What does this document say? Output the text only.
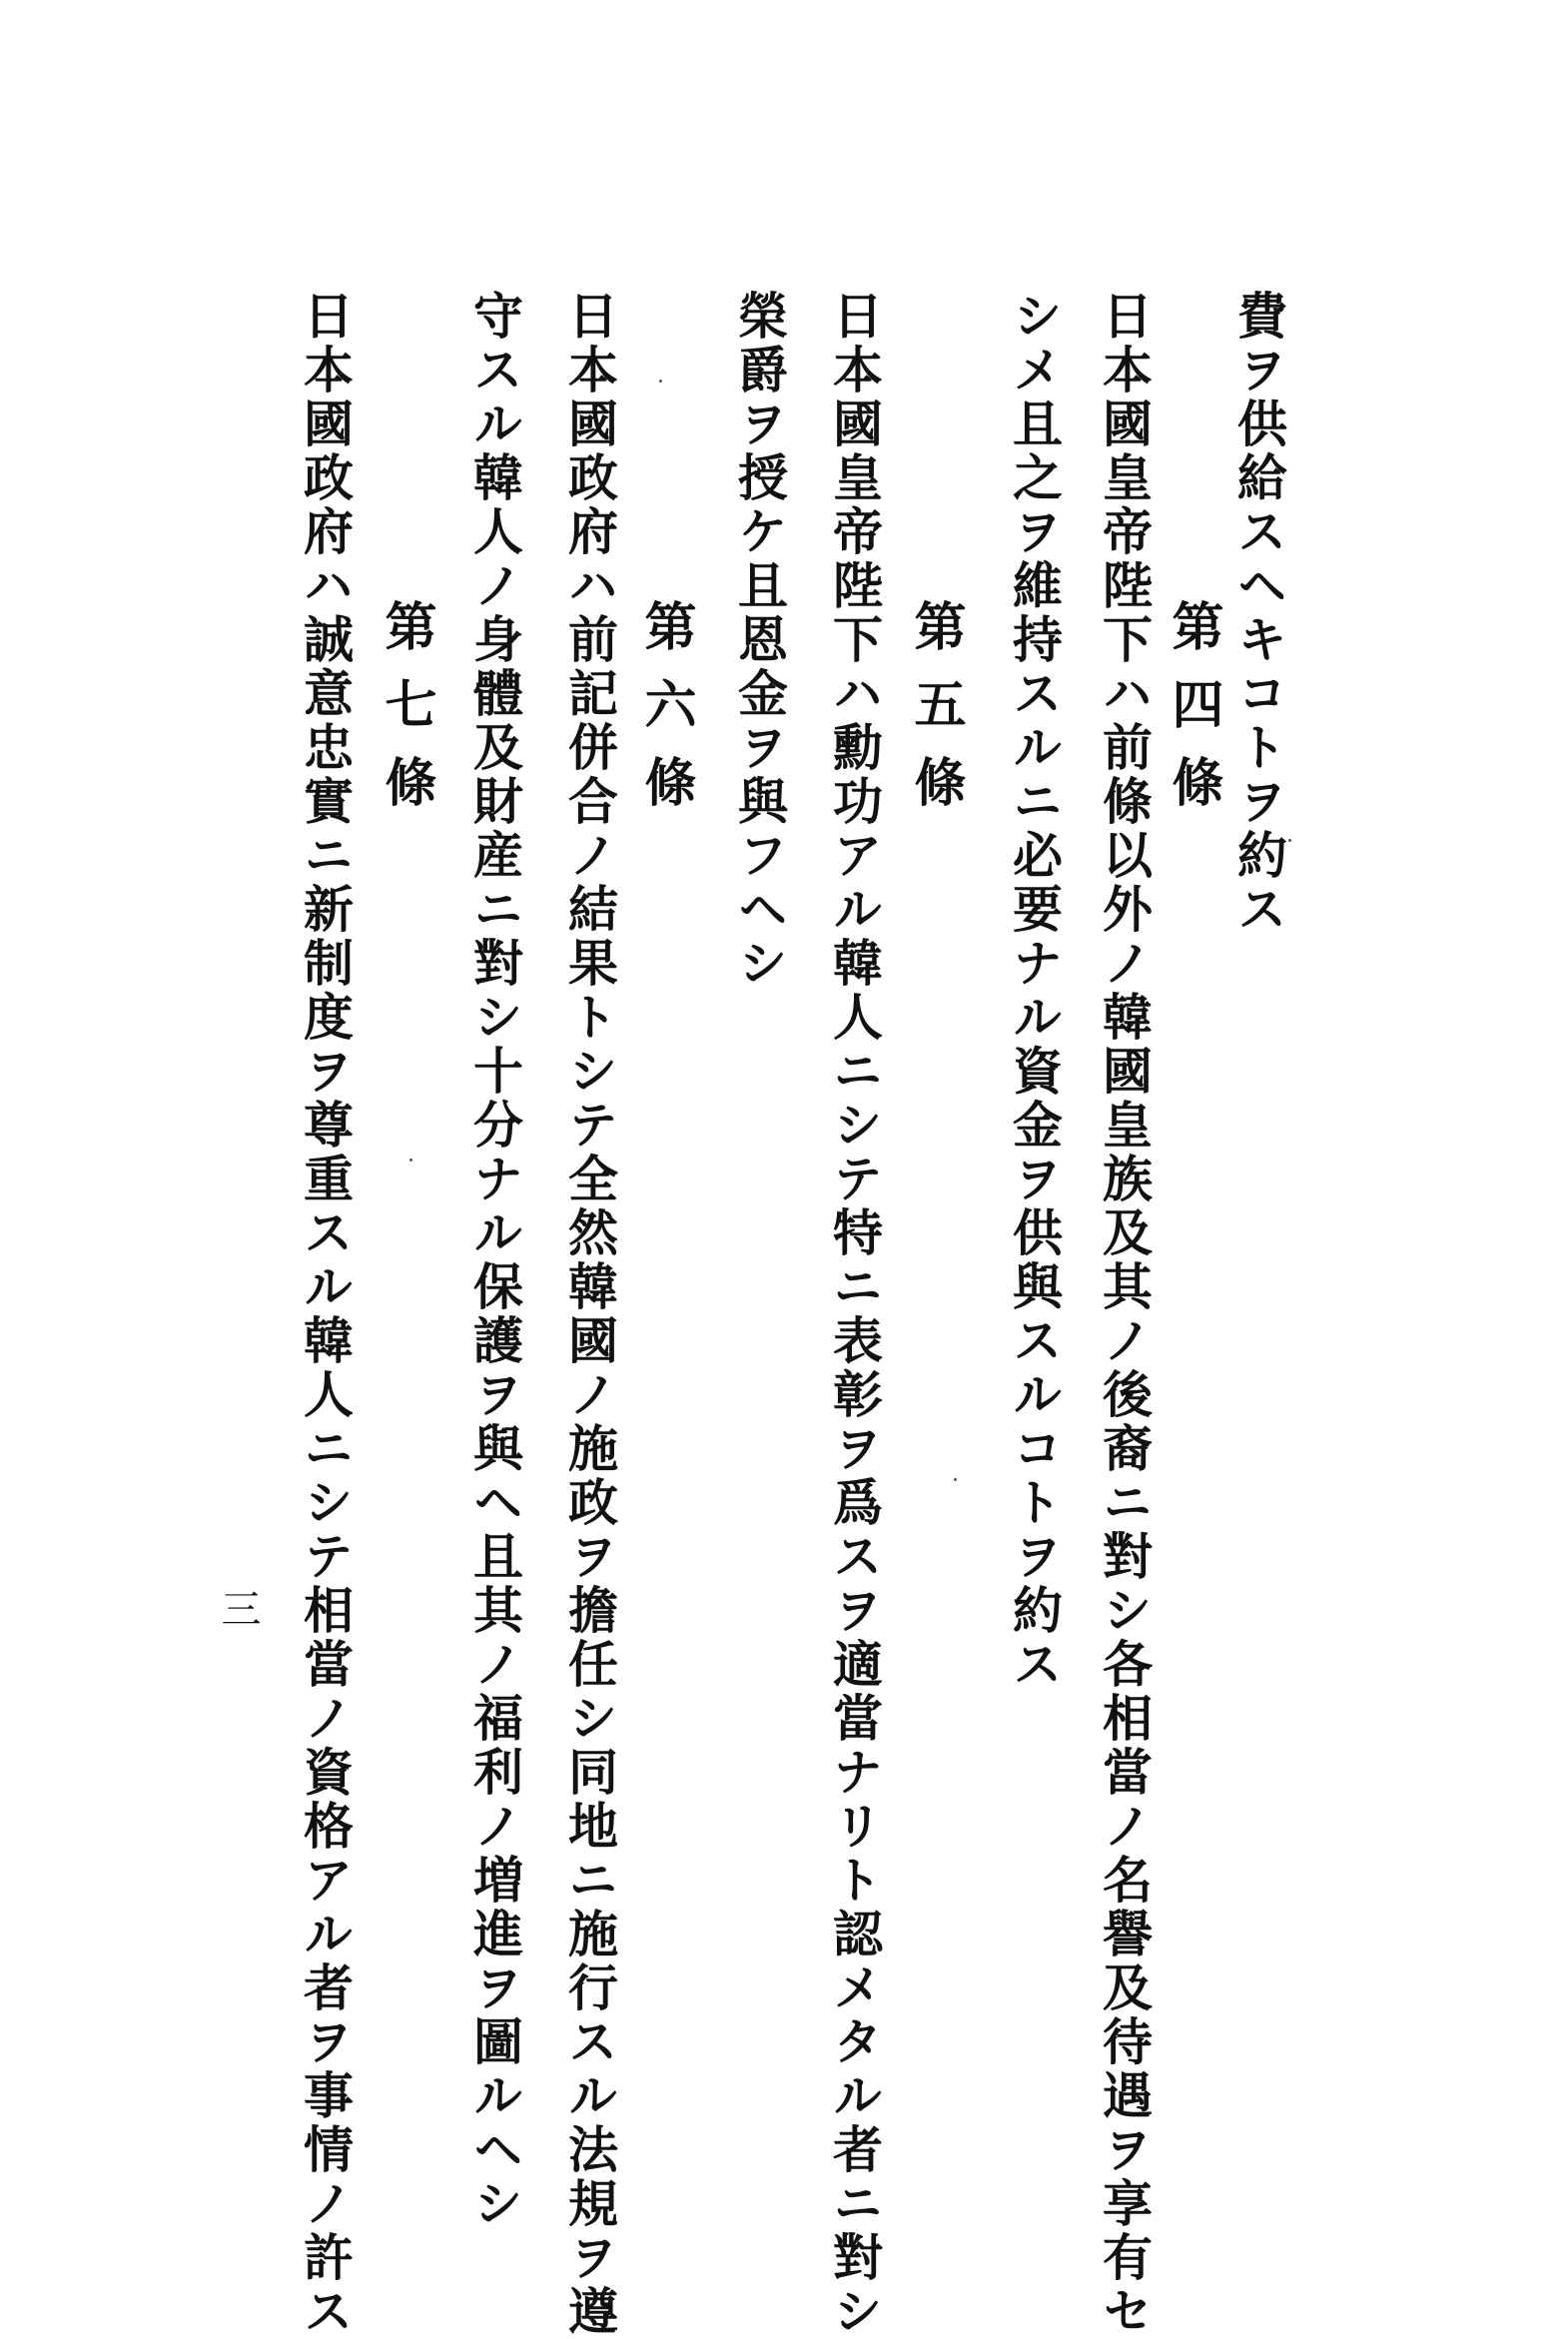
費ヲ供給スヘキコトヲ約ス
第四條
日本國皇帝陛下ハ前條以外ノ韓國皇族及其ノ後裔ニ對シ各相當ノ名譽及待遇ヲ享有セ
シメ且之ヲ維持スルニ必要ナル資金ヲ供與スルコトヲ約ス
第五條
日本國皇帝陛下ハ勳功アル韓人ニシテ特ニ表彰ヲ爲スヲ適當ナリト認メタル者ニ對シ
榮爵ヲ授ケ且恩金ヲ與フヘシ
第六條
日本國政府ハ前記併合ノ結果トシテ全然韓國ノ施政ヲ擔任シ同地ニ施行スル法規ヲ遵
守スル韓人ノ身體及財産ニ對シ十分ナル保護ヲ與ヘ且其ノ福利ノ増進ヲ圖ルヘシ
第七條
日本國政府ハ誠意忠實ニ新制度ヲ尊重スル韓人ニシテ相當ノ資格アル者ヲ事情ノ許ス
三
